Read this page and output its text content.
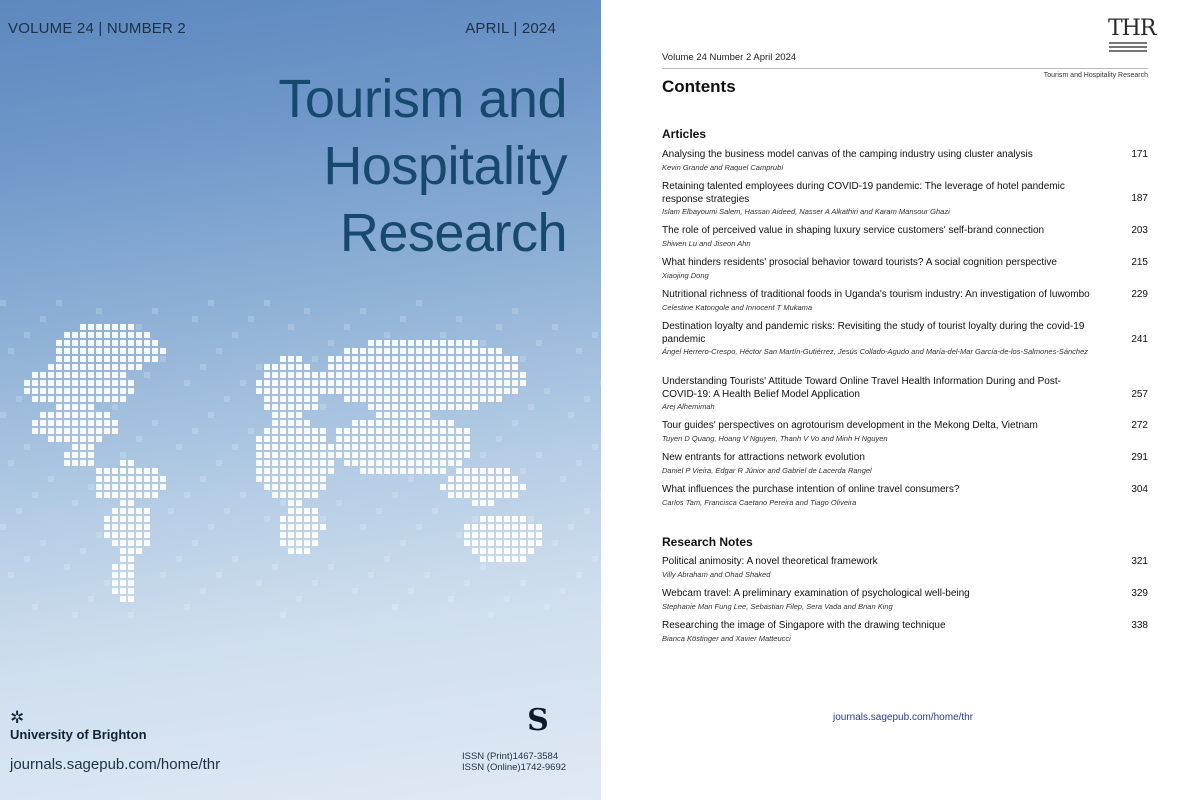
VOLUME 24 | NUMBER 2	APRIL | 2024
Tourism and
Hospitality
Research
✲
University of Brighton
journals.sagepub.com/home/thr
S
ISSN (Print)1467-3584
ISSN (Online)1742-9692
Volume 24 Number 2 April 2024
THR
Tourism and Hospitality Research
Contents
Articles
Analysing the business model canvas of the camping industry using cluster analysis
Kevin Grande and Raquel Camprubí
171
Retaining talented employees during COVID-19 pandemic: The leverage of hotel pandemic response strategies
Islam Elbayoumi Salem, Hassan Aideed, Nasser A Alkathiri and Karam Mansour Ghazi
187
The role of perceived value in shaping luxury service customers' self-brand connection
Shiwen Lu and Jiseon Ahn
203
What hinders residents' prosocial behavior toward tourists? A social cognition perspective
Xiaojing Dong
215
Nutritional richness of traditional foods in Uganda's tourism industry: An investigation of luwombo
Celestine Katongole and Innocent T Mukama
229
Destination loyalty and pandemic risks: Revisiting the study of tourist loyalty during the covid-19 pandemic
Ángel Herrero-Crespo, Héctor San Martín-Gutiérrez, Jesús Collado-Agudo and María-del-Mar García-de-los-Salmones-Sánchez
241
Understanding Tourists' Attitude Toward Online Travel Health Information During and Post-COVID-19: A Health Belief Model Application
Arej Alhemimah
257
Tour guides' perspectives on agrotourism development in the Mekong Delta, Vietnam
Tuyen D Quang, Hoang V Nguyen, Thanh V Vo and Minh H Nguyen
272
New entrants for attractions network evolution
Daniel P Vieira, Edgar R Júnior and Gabriel de Lacerda Rangel
291
What influences the purchase intention of online travel consumers?
Carlos Tam, Francisca Caetano Pereira and Tiago Oliveira
304
Research Notes
Political animosity: A novel theoretical framework
Villy Abraham and Ohad Shaked
321
Webcam travel: A preliminary examination of psychological well-being
Stephanie Man Fung Lee, Sebastian Filep, Sera Vada and Brian King
329
Researching the image of Singapore with the drawing technique
Bianca Köstinger and Xavier Matteucci
338
journals.sagepub.com/home/thr
